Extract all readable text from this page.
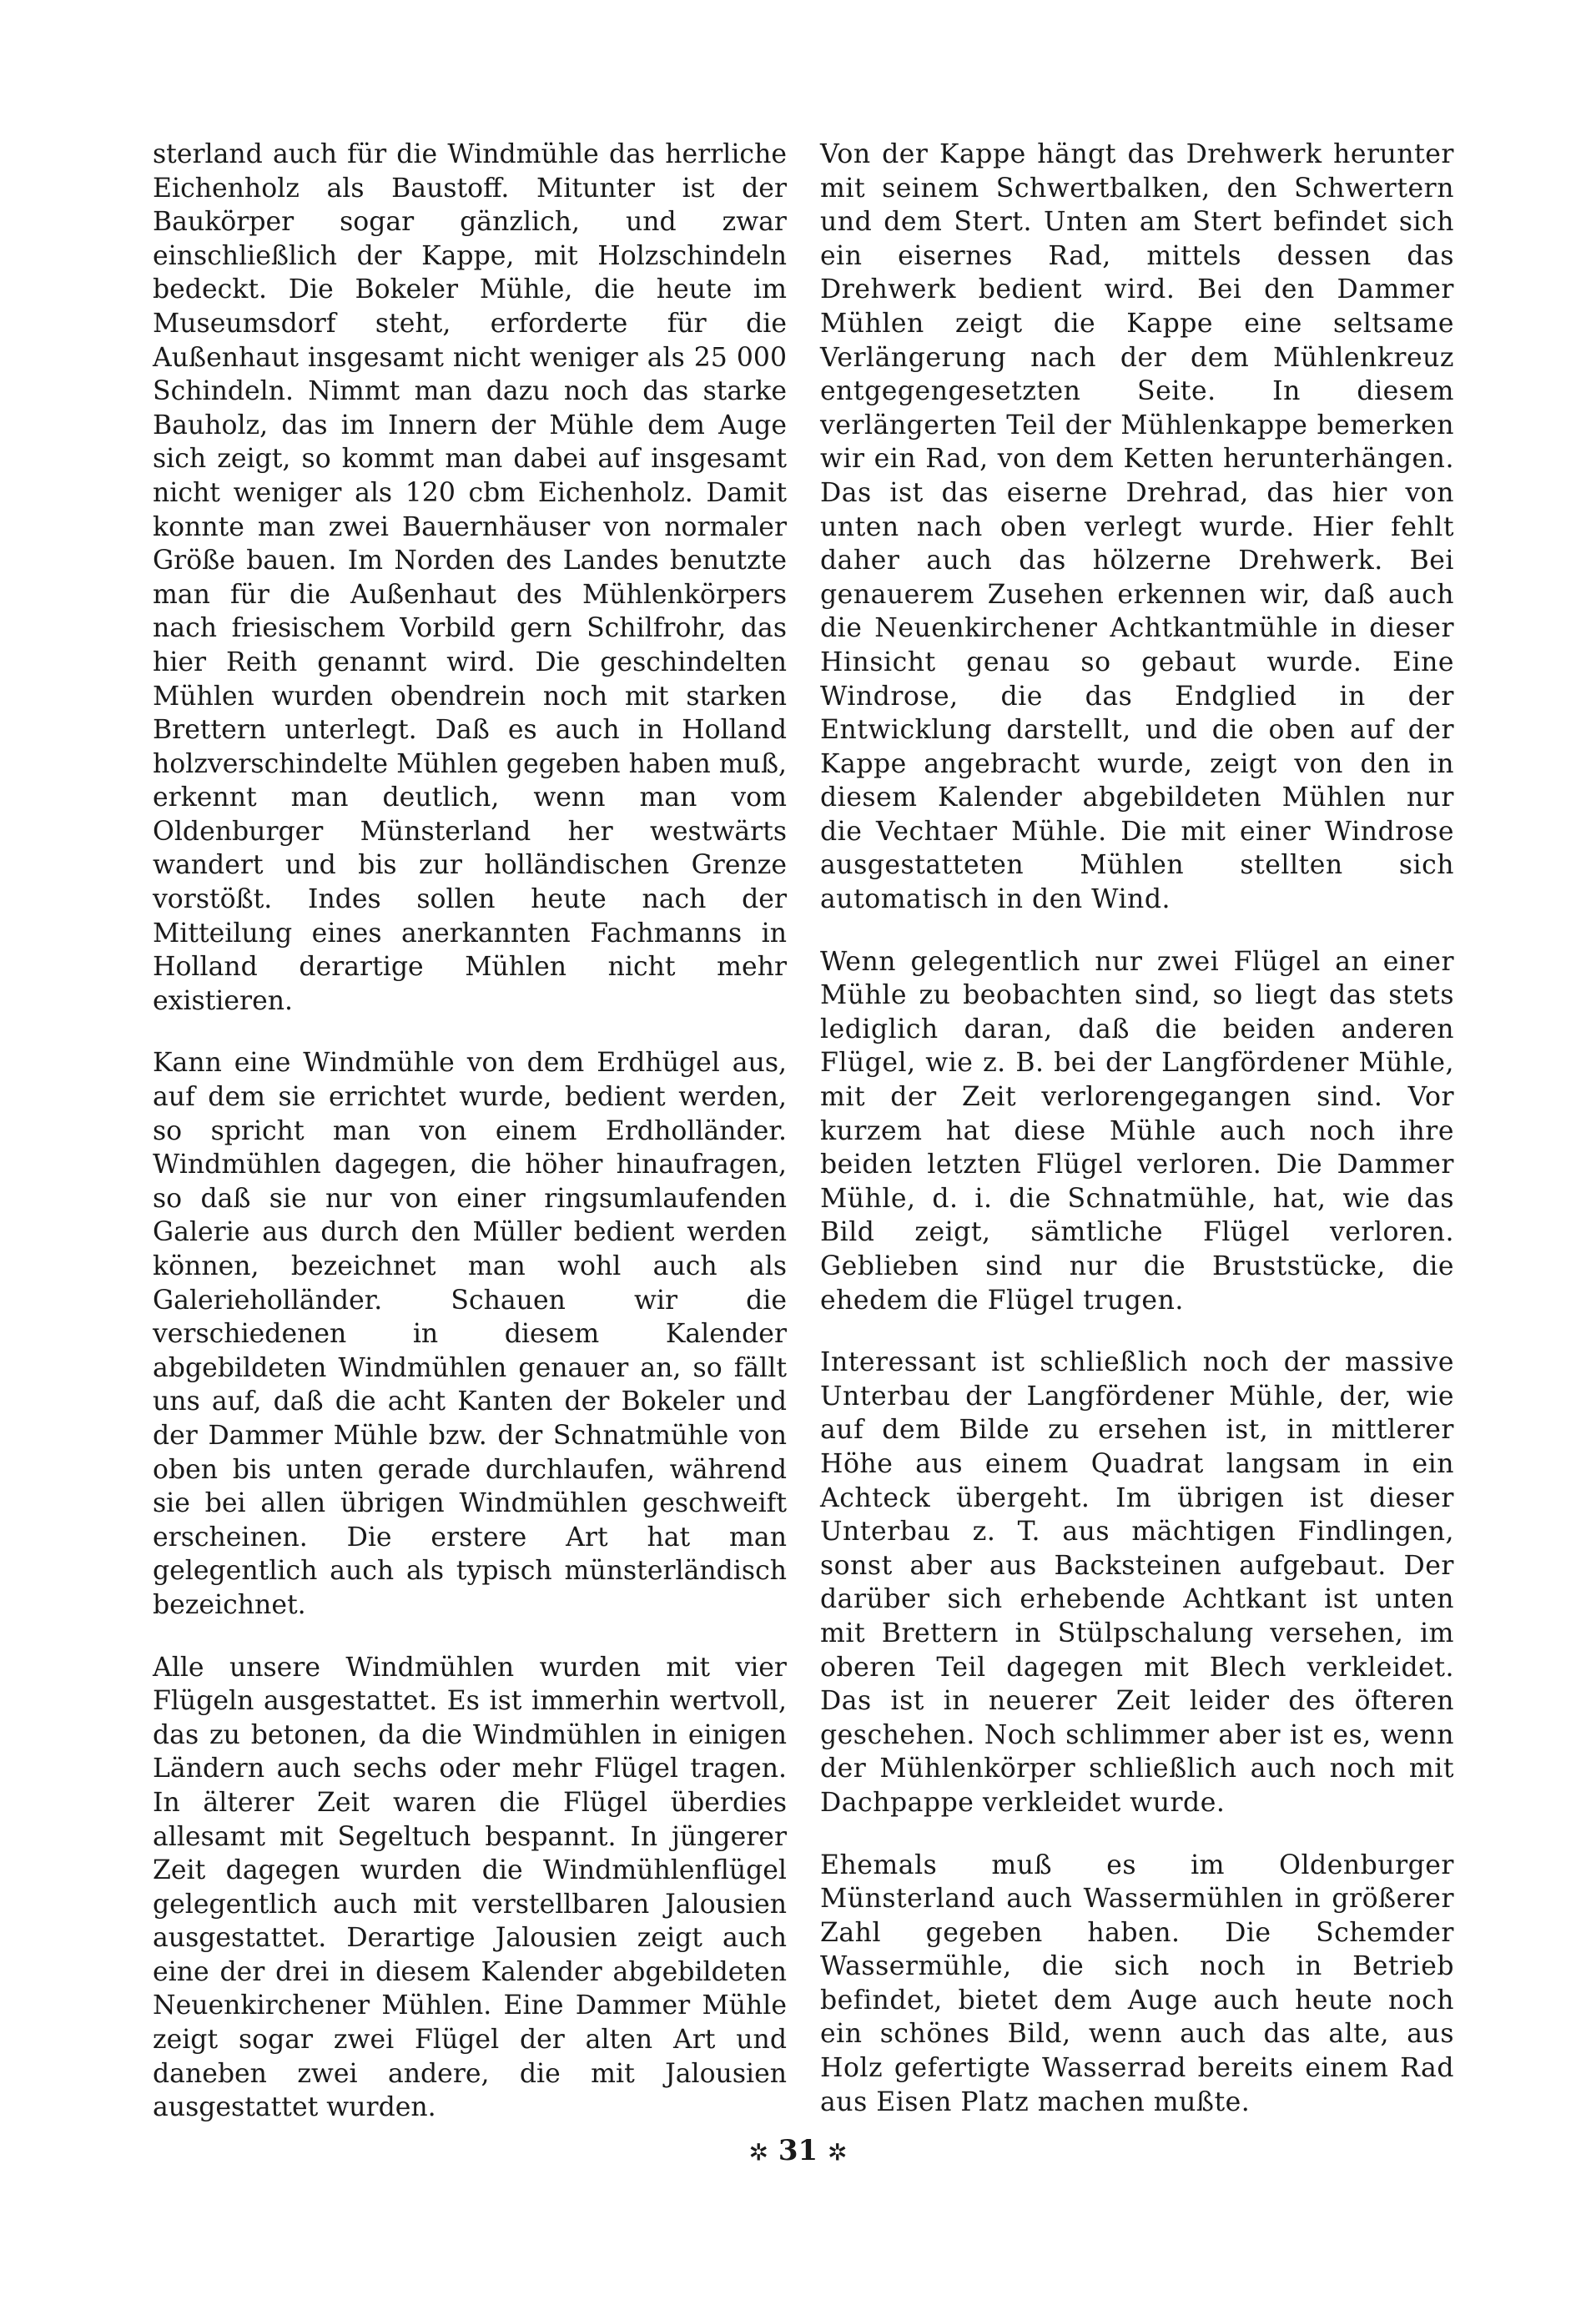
sterland auch für die Windmühle das herrliche Eichenholz als Baustoff. Mitunter ist der Baukörper sogar gänzlich, und zwar einschließlich der Kappe, mit Holzschindeln bedeckt. Die Bokeler Mühle, die heute im Museumsdorf steht, erforderte für die Außenhaut insgesamt nicht weniger als 25 000 Schindeln. Nimmt man dazu noch das starke Bauholz, das im Innern der Mühle dem Auge sich zeigt, so kommt man dabei auf insgesamt nicht weniger als 120 cbm Eichenholz. Damit konnte man zwei Bauernhäuser von normaler Größe bauen. Im Norden des Landes benutzte man für die Außenhaut des Mühlenkörpers nach friesischem Vorbild gern Schilfrohr, das hier Reith genannt wird. Die geschindelten Mühlen wurden obendrein noch mit starken Brettern unterlegt. Daß es auch in Holland holzverschindelte Mühlen gegeben haben muß, erkennt man deutlich, wenn man vom Oldenburger Münsterland her westwärts wandert und bis zur holländischen Grenze vorstößt. Indes sollen heute nach der Mitteilung eines anerkannten Fachmanns in Holland derartige Mühlen nicht mehr existieren.

Kann eine Windmühle von dem Erdhügel aus, auf dem sie errichtet wurde, bedient werden, so spricht man von einem Erdholländer. Windmühlen dagegen, die höher hinaufragen, so daß sie nur von einer ringsumlaufenden Galerie aus durch den Müller bedient werden können, bezeichnet man wohl auch als Galerieholländer. Schauen wir die verschiedenen in diesem Kalender abgebildeten Windmühlen genauer an, so fällt uns auf, daß die acht Kanten der Bokeler und der Dammer Mühle bzw. der Schnatmühle von oben bis unten gerade durchlaufen, während sie bei allen übrigen Windmühlen geschweift erscheinen. Die erstere Art hat man gelegentlich auch als typisch münsterländisch bezeichnet.

Alle unsere Windmühlen wurden mit vier Flügeln ausgestattet. Es ist immerhin wertvoll, das zu betonen, da die Windmühlen in einigen Ländern auch sechs oder mehr Flügel tragen. In älterer Zeit waren die Flügel überdies allesamt mit Segeltuch bespannt. In jüngerer Zeit dagegen wurden die Windmühlenflügel gelegentlich auch mit verstellbaren Jalousien ausgestattet. Derartige Jalousien zeigt auch eine der drei in diesem Kalender abgebildeten Neuenkirchener Mühlen. Eine Dammer Mühle zeigt sogar zwei Flügel der alten Art und daneben zwei andere, die mit Jalousien ausgestattet wurden.

Von der Kappe hängt das Drehwerk herunter mit seinem Schwertbalken, den Schwertern und dem Stert. Unten am Stert befindet sich ein eisernes Rad, mittels dessen das Drehwerk bedient wird. Bei den Dammer Mühlen zeigt die Kappe eine seltsame Verlängerung nach der dem Mühlenkreuz entgegengesetzten Seite. In diesem verlängerten Teil der Mühlenkappe bemerken wir ein Rad, von dem Ketten herunterhängen. Das ist das eiserne Drehrad, das hier von unten nach oben verlegt wurde. Hier fehlt daher auch das hölzerne Drehwerk. Bei genauerem Zusehen erkennen wir, daß auch die Neuenkirchener Achtkantmühle in dieser Hinsicht genau so gebaut wurde. Eine Windrose, die das Endglied in der Entwicklung darstellt, und die oben auf der Kappe angebracht wurde, zeigt von den in diesem Kalender abgebildeten Mühlen nur die Vechtaer Mühle. Die mit einer Windrose ausgestatteten Mühlen stellten sich automatisch in den Wind.

Wenn gelegentlich nur zwei Flügel an einer Mühle zu beobachten sind, so liegt das stets lediglich daran, daß die beiden anderen Flügel, wie z. B. bei der Langfördener Mühle, mit der Zeit verlorengegangen sind. Vor kurzem hat diese Mühle auch noch ihre beiden letzten Flügel verloren. Die Dammer Mühle, d. i. die Schnatmühle, hat, wie das Bild zeigt, sämtliche Flügel verloren. Geblieben sind nur die Bruststücke, die ehedem die Flügel trugen.

Interessant ist schließlich noch der massive Unterbau der Langfördener Mühle, der, wie auf dem Bilde zu ersehen ist, in mittlerer Höhe aus einem Quadrat langsam in ein Achteck übergeht. Im übrigen ist dieser Unterbau z. T. aus mächtigen Findlingen, sonst aber aus Backsteinen aufgebaut. Der darüber sich erhebende Achtkant ist unten mit Brettern in Stülpschalung versehen, im oberen Teil dagegen mit Blech verkleidet. Das ist in neuerer Zeit leider des öfteren geschehen. Noch schlimmer aber ist es, wenn der Mühlenkörper schließlich auch noch mit Dachpappe verkleidet wurde.

Ehemals muß es im Oldenburger Münsterland auch Wassermühlen in größerer Zahl gegeben haben. Die Schemder Wassermühle, die sich noch in Betrieb befindet, bietet dem Auge auch heute noch ein schönes Bild, wenn auch das alte, aus Holz gefertigte Wasserrad bereits einem Rad aus Eisen Platz machen mußte.

✲ 31 ✲
